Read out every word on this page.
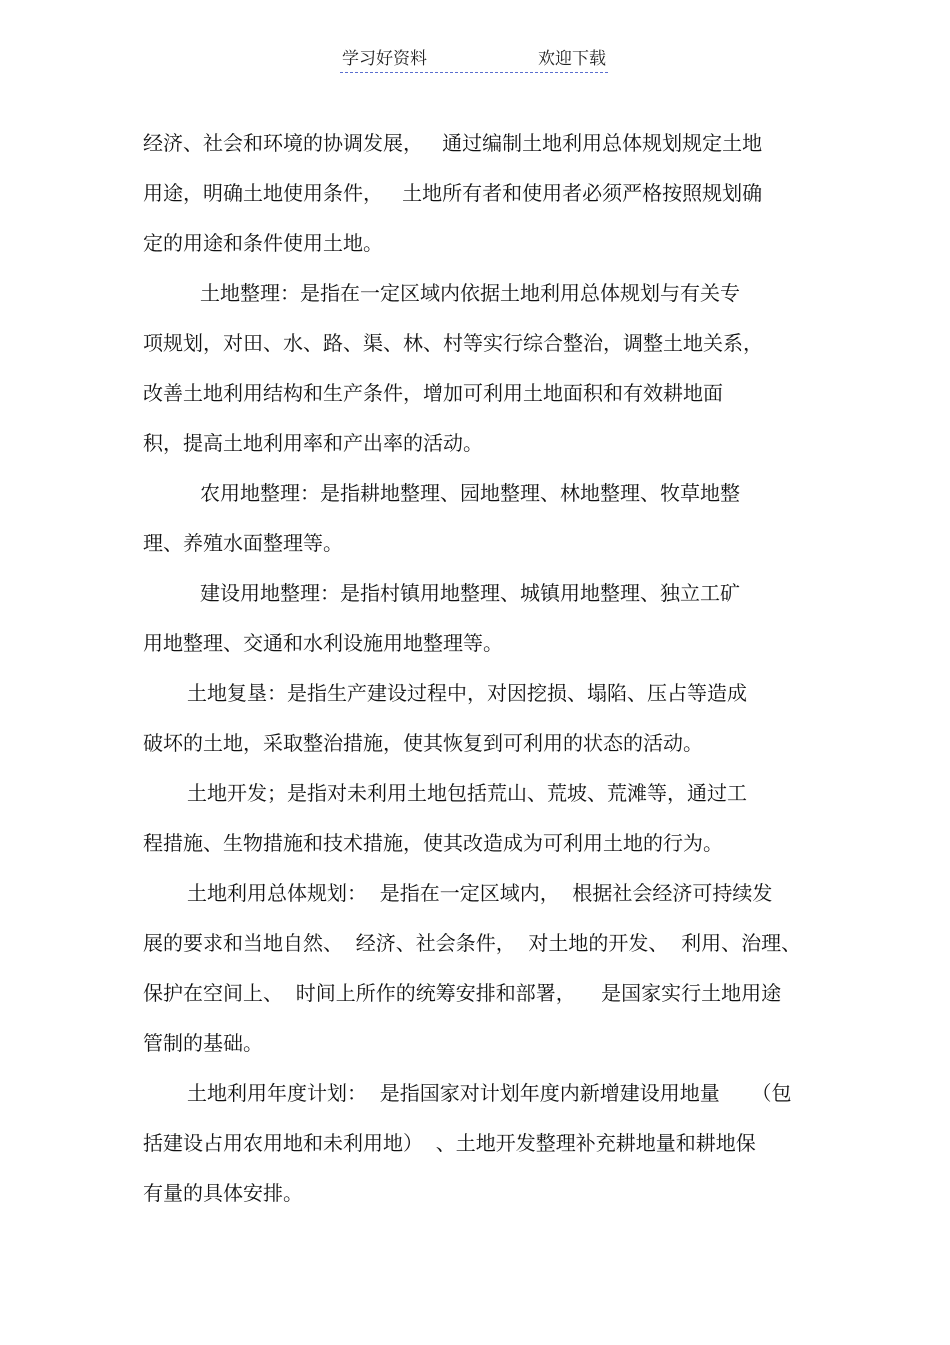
学习好资料	欢迎下载
经济、社会和环境的协调发展，   通过编制土地利用总体规划规定土地
用途，明确土地使用条件，   土地所有者和使用者必须严格按照规划确
定的用途和条件使用土地。
土地整理：是指在一定区域内依据土地利用总体规划与有关专
项规划，对田、水、路、渠、林、村等实行综合整治，调整土地关系，
改善土地利用结构和生产条件，增加可利用土地面积和有效耕地面
积，提高土地利用率和产出率的活动。
农用地整理：是指耕地整理、园地整理、林地整理、牧草地整
理、养殖水面整理等。
建设用地整理：是指村镇用地整理、城镇用地整理、独立工矿
用地整理、交通和水利设施用地整理等。
土地复垦：是指生产建设过程中，对因挖损、塌陷、压占等造成
破坏的土地，采取整治措施，使其恢复到可利用的状态的活动。
土地开发；是指对未利用土地包括荒山、荒坡、荒滩等，通过工
程措施、生物措施和技术措施，使其改造成为可利用土地的行为。
土地利用总体规划：  是指在一定区域内，  根据社会经济可持续发
展的要求和当地自然、  经济、社会条件，  对土地的开发、  利用、治理、
保护在空间上、  时间上所作的统筹安排和部署，    是国家实行土地用途
管制的基础。
土地利用年度计划：  是指国家对计划年度内新增建设用地量     （包
括建设占用农用地和未利用地）  、土地开发整理补充耕地量和耕地保
有量的具体安排。
